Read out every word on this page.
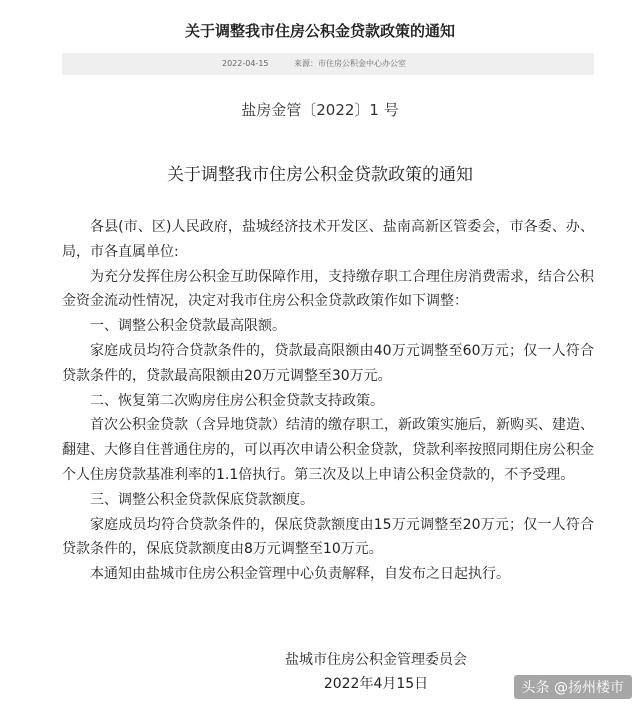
关于调整我市住房公积金贷款政策的通知
2022-04-15	来源：市住房公积金中心办公室
盐房金管〔2022〕1 号
关于调整我市住房公积金贷款政策的通知

各县(市、区)人民政府，盐城经济技术开发区、盐南高新区管委会，市各委、办、局，市各直属单位:

为充分发挥住房公积金互助保障作用，支持缴存职工合理住房消费需求，结合公积金资金流动性情况，决定对我市住房公积金贷款政策作如下调整：

一、调整公积金贷款最高限额。

家庭成员均符合贷款条件的，贷款最高限额由40万元调整至60万元；仅一人符合贷款条件的，贷款最高限额由20万元调整至30万元。

二、恢复第二次购房住房公积金贷款支持政策。

首次公积金贷款（含异地贷款）结清的缴存职工，新政策实施后，新购买、建造、翻建、大修自住普通住房的，可以再次申请公积金贷款，贷款利率按照同期住房公积金个人住房贷款基准利率的1.1倍执行。第三次及以上申请公积金贷款的，不予受理。

三、调整公积金贷款保底贷款额度。

家庭成员均符合贷款条件的，保底贷款额度由15万元调整至20万元；仅一人符合贷款条件的，保底贷款额度由8万元调整至10万元。

本通知由盐城市住房公积金管理中心负责解释，自发布之日起执行。

盐城市住房公积金管理委员会
2022年4月15日	头条 @扬州楼市
